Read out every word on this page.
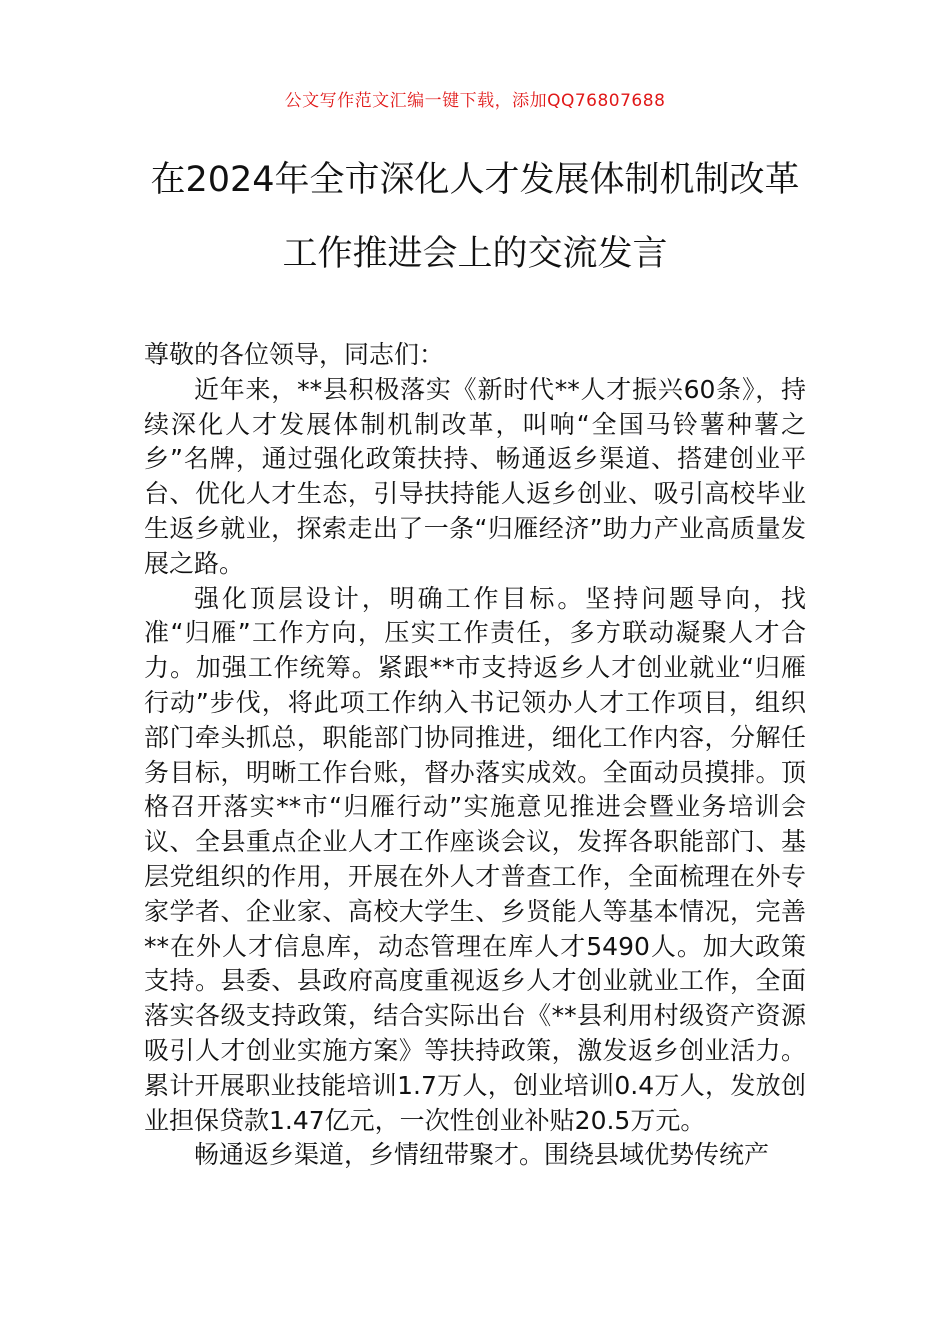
公文写作范文汇编一键下载，添加QQ76807688
在2024年全市深化人才发展体制机制改革
工作推进会上的交流发言

尊敬的各位领导，同志们：

近年来，**县积极落实《新时代**人才振兴60条》，持续深化人才发展体制机制改革，叫响“全国马铃薯种薯之乡”名牌，通过强化政策扶持、畅通返乡渠道、搭建创业平台、优化人才生态，引导扶持能人返乡创业、吸引高校毕业生返乡就业，探索走出了一条“归雁经济”助力产业高质量发展之路。

强化顶层设计，明确工作目标。坚持问题导向，找准“归雁”工作方向，压实工作责任，多方联动凝聚人才合力。加强工作统筹。紧跟**市支持返乡人才创业就业“归雁行动”步伐，将此项工作纳入书记领办人才工作项目，组织部门牵头抓总，职能部门协同推进，细化工作内容，分解任务目标，明晰工作台账，督办落实成效。全面动员摸排。顶格召开落实**市“归雁行动”实施意见推进会暨业务培训会议、全县重点企业人才工作座谈会议，发挥各职能部门、基层党组织的作用，开展在外人才普查工作，全面梳理在外专家学者、企业家、高校大学生、乡贤能人等基本情况，完善**在外人才信息库，动态管理在库人才5490人。加大政策支持。县委、县政府高度重视返乡人才创业就业工作，全面落实各级支持政策，结合实际出台《**县利用村级资产资源吸引人才创业实施方案》等扶持政策，激发返乡创业活力。累计开展职业技能培训1.7万人，创业培训0.4万人，发放创业担保贷款1.47亿元，一次性创业补贴20.5万元。

畅通返乡渠道，乡情纽带聚才。围绕县域优势传统产
